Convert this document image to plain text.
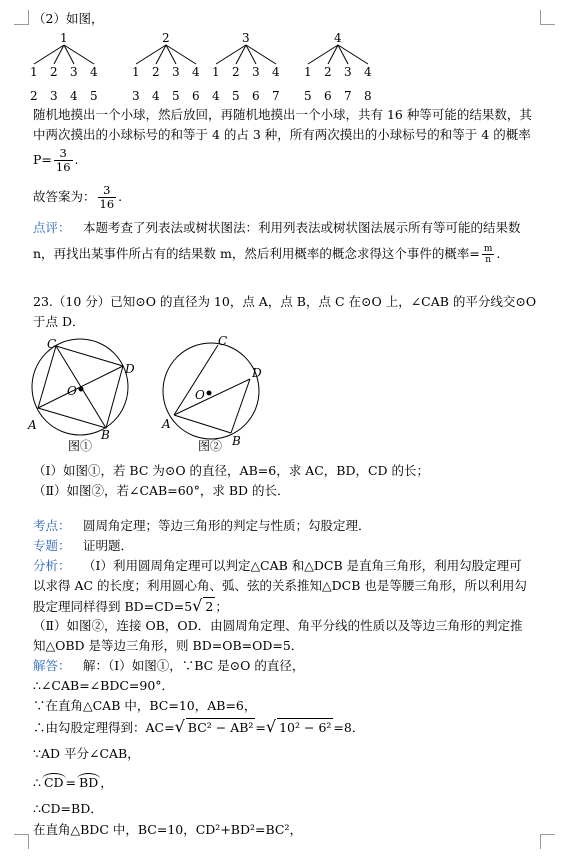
（2）如图，
1
1
2
2
3
3
4
4
5
2
1
3
2
4
3
5
4
6
3
1
4
2
5
3
6
4
7
4
1
5
2
6
3
7
4
8
随机地摸出一个小球，然后放回，再随机地摸出一个小球，共有 16 种等可能的结果数，其
中两次摸出的小球标号的和等于 4 的占 3 种，所有两次摸出的小球标号的和等于 4 的概率
$P= \frac{3}{16}$ .
故答案为： $\frac{3}{16}$ .
点评： 本题考查了列表法或树状图法：利用列表法或树状图法展示所有等可能的结果数
n，再找出某事件所占有的结果数 m，然后利用概率的概念求得这个事件的概率= $\frac{m}{n}$ .
23.（10 分）已知⊙O 的直径为 10，点 A，点 B，点 C 在⊙O 上，∠CAB 的平分线交⊙O
于点 D．
C
D
A
B
O
C
D
A
B
O
图①	图②
（Ⅰ）如图①，若 BC 为⊙O 的直径，AB=6，求 AC，BD，CD 的长；
（Ⅱ）如图②，若∠CAB=60°，求 BD 的长．
考点： 圆周角定理；等边三角形的判定与性质；勾股定理．
专题： 证明题．
分析： （Ⅰ）利用圆周角定理可以判定△CAB 和△DCB 是直角三角形，利用勾股定理可
以求得 AC 的长度；利用圆心角、弧、弦的关系推知△DCB 也是等腰三角形，所以利用勾
股定理同样得到 BD=CD=5√ 2 ；
（Ⅱ）如图②，连接 OB，OD．由圆周角定理、角平分线的性质以及等边三角形的判定推
知△OBD 是等边三角形，则 BD=OB=OD=5．
解答： 解：（Ⅰ）如图①，∵BC 是⊙O 的直径，
∴∠CAB=∠BDC=90°．
∵在直角△CAB 中，BC=10，AB=6，
∴由勾股定理得到：AC=√ BC² − AB² =√ 10² − 6² =8．
∵AD 平分∠CAB，
∴ CD = BD ，
∴CD=BD．
在直角△BDC 中，BC=10，CD²+BD²=BC²，
